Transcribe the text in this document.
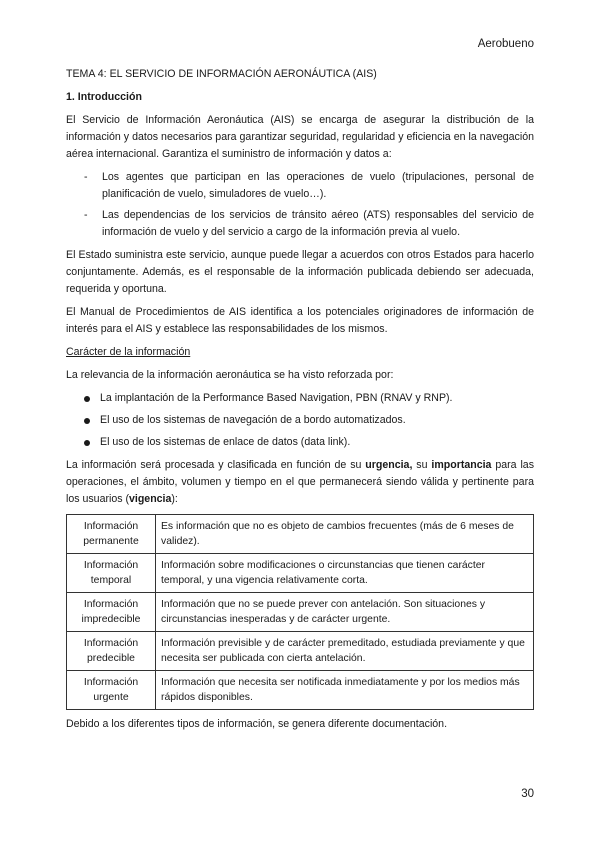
Aerobueno

TEMA 4: EL SERVICIO DE INFORMACIÓN AERONÁUTICA (AIS)

1. Introducción

El Servicio de Información Aeronáutica (AIS) se encarga de asegurar la distribución de la información y datos necesarios para garantizar seguridad, regularidad y eficiencia en la navegación aérea internacional. Garantiza el suministro de información y datos a:

- Los agentes que participan en las operaciones de vuelo (tripulaciones, personal de planificación de vuelo, simuladores de vuelo…).
- Las dependencias de los servicios de tránsito aéreo (ATS) responsables del servicio de información de vuelo y del servicio a cargo de la información previa al vuelo.

El Estado suministra este servicio, aunque puede llegar a acuerdos con otros Estados para hacerlo conjuntamente. Además, es el responsable de la información publicada debiendo ser adecuada, requerida y oportuna.

El Manual de Procedimientos de AIS identifica a los potenciales originadores de información de interés para el AIS y establece las responsabilidades de los mismos.

Carácter de la información

La relevancia de la información aeronáutica se ha visto reforzada por:

La implantación de la Performance Based Navigation, PBN (RNAV y RNP).
El uso de los sistemas de navegación de a bordo automatizados.
El uso de los sistemas de enlace de datos (data link).

La información será procesada y clasificada en función de su urgencia, su importancia para las operaciones, el ámbito, volumen y tiempo en el que permanecerá siendo válida y pertinente para los usuarios (vigencia):

Información permanente	Es información que no es objeto de cambios frecuentes (más de 6 meses de validez).
Información temporal	Información sobre modificaciones o circunstancias que tienen carácter temporal, y una vigencia relativamente corta.
Información impredecible	Información que no se puede prever con antelación. Son situaciones y circunstancias inesperadas y de carácter urgente.
Información predecible	Información previsible y de carácter premeditado, estudiada previamente y que necesita ser publicada con cierta antelación.
Información urgente	Información que necesita ser notificada inmediatamente y por los medios más rápidos disponibles.

Debido a los diferentes tipos de información, se genera diferente documentación.

30
